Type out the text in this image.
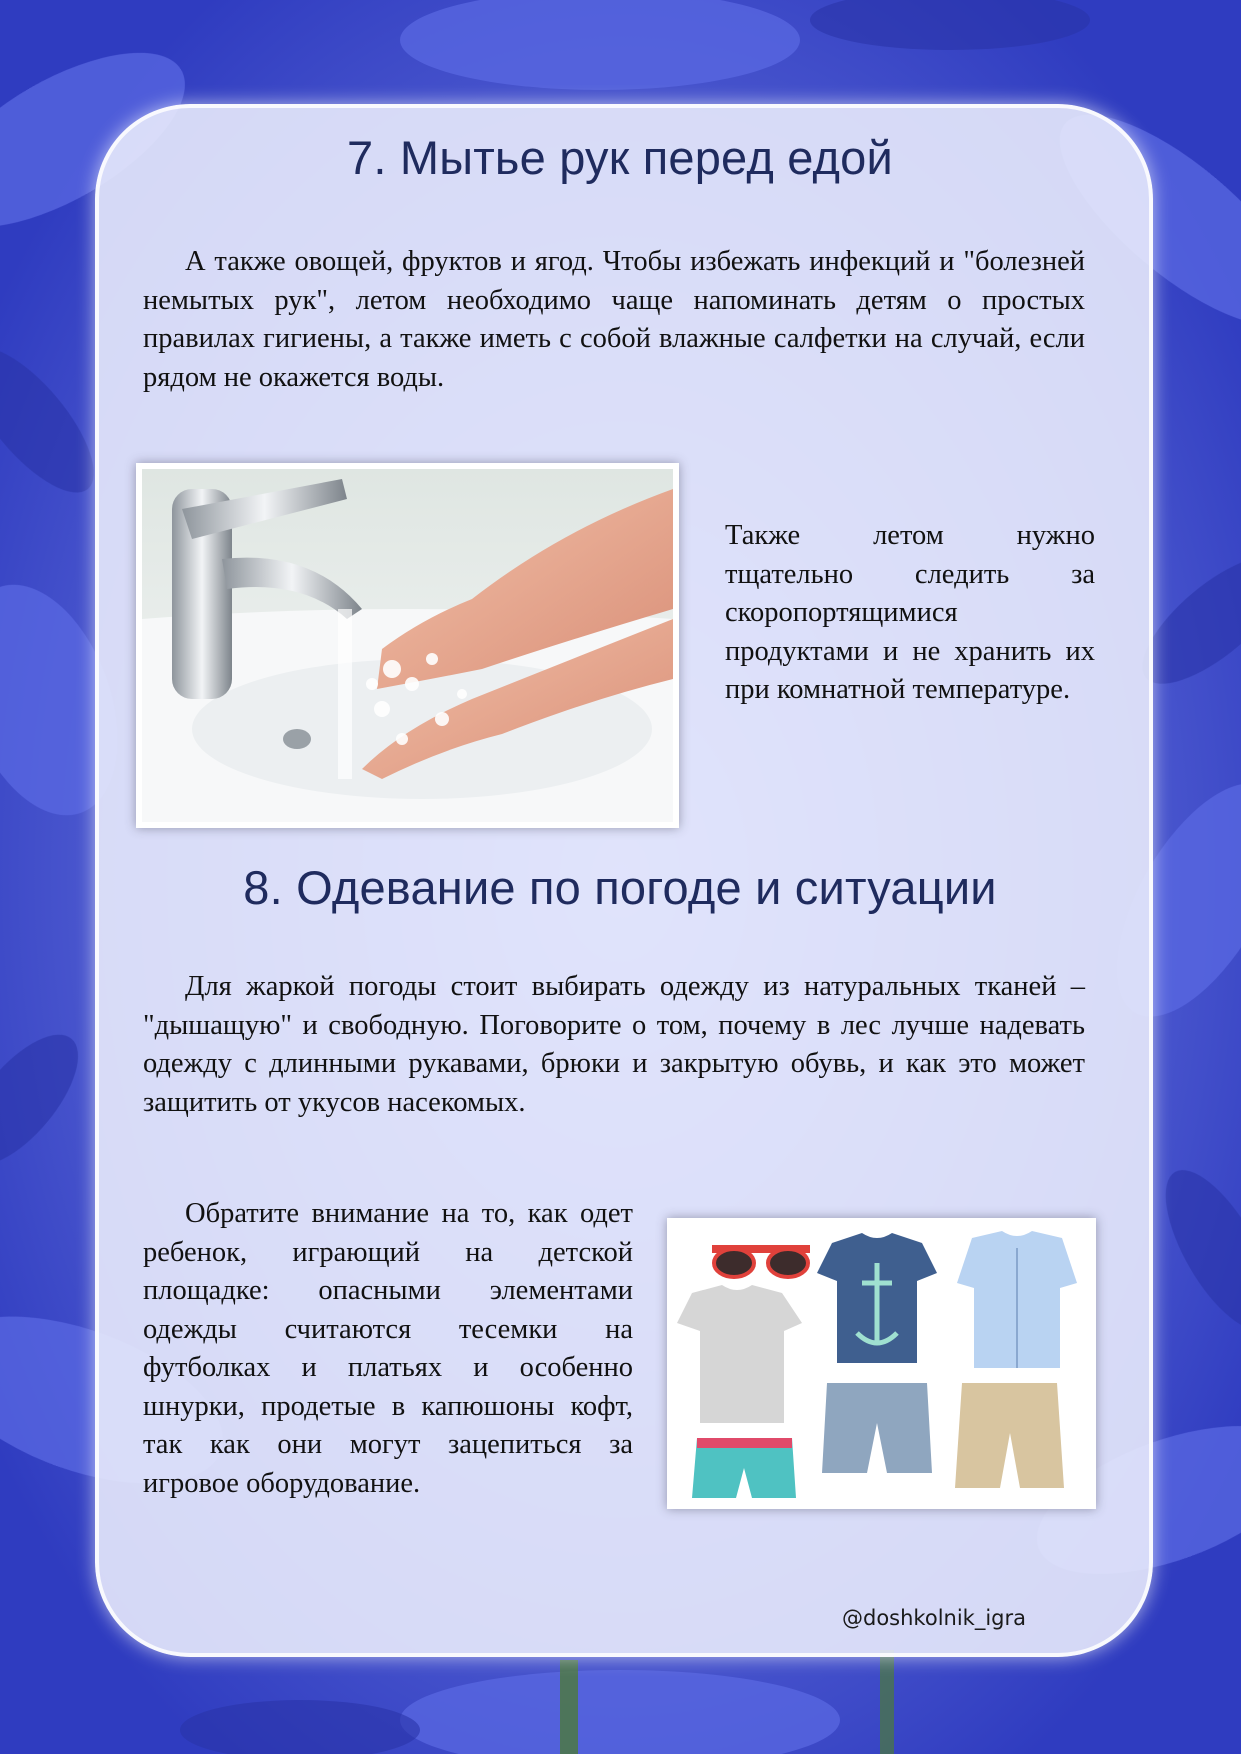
7. Мытье рук перед едой

А также овощей, фруктов и ягод. Чтобы избежать инфекций и "болезней немытых рук", летом необходимо чаще напоминать детям о простых правилах гигиены, а также иметь с собой влажные салфетки на случай, если рядом не окажется воды.

Также летом нужно тщательно следить за скоропортящимися продуктами и не хранить их при комнатной температуре.

8. Одевание по погоде и ситуации

Для жаркой погоды стоит выбирать одежду из натуральных тканей – "дышащую" и свободную. Поговорите о том, почему в лес лучше надевать одежду с длинными рукавами, брюки и закрытую обувь, и как это может защитить от укусов насекомых.

Обратите внимание на то, как одет ребенок, играющий на детской площадке: опасными элементами одежды считаются тесемки на футболках и платьях и особенно шнурки, продетые в капюшоны кофт, так как они могут зацепиться за игровое оборудование.

@doshkolnik_igra
